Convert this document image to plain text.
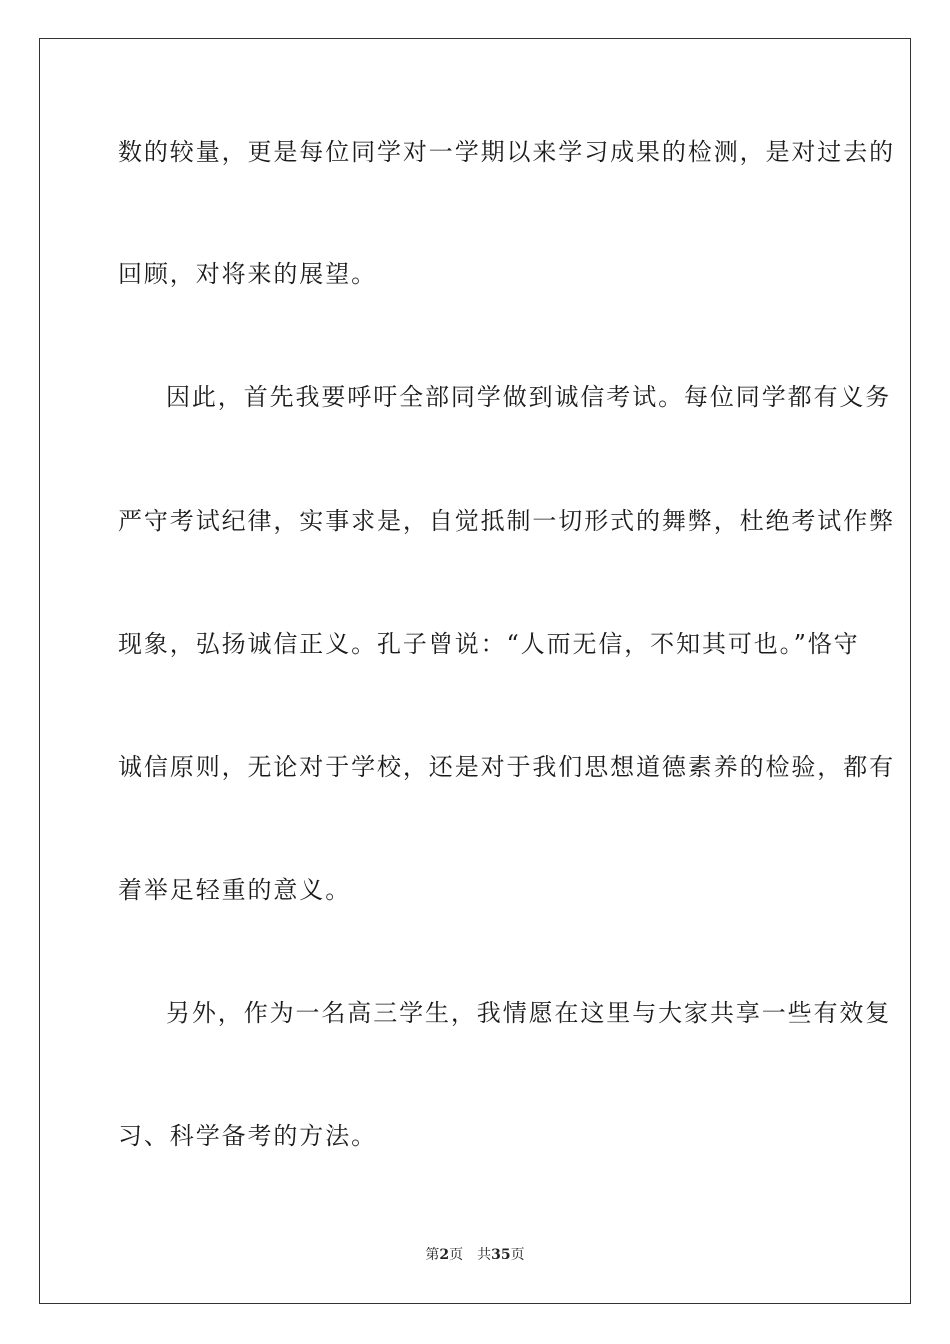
数的较量，更是每位同学对一学期以来学习成果的检测，是对过去的
回顾，对将来的展望。
因此，首先我要呼吁全部同学做到诚信考试。每位同学都有义务
严守考试纪律，实事求是，自觉抵制一切形式的舞弊，杜绝考试作弊
现象，弘扬诚信正义。孔子曾说：“人而无信，不知其可也。”恪守
诚信原则，无论对于学校，还是对于我们思想道德素养的检验，都有
着举足轻重的意义。
另外，作为一名高三学生，我情愿在这里与大家共享一些有效复
习、科学备考的方法。
第2页 共35页
